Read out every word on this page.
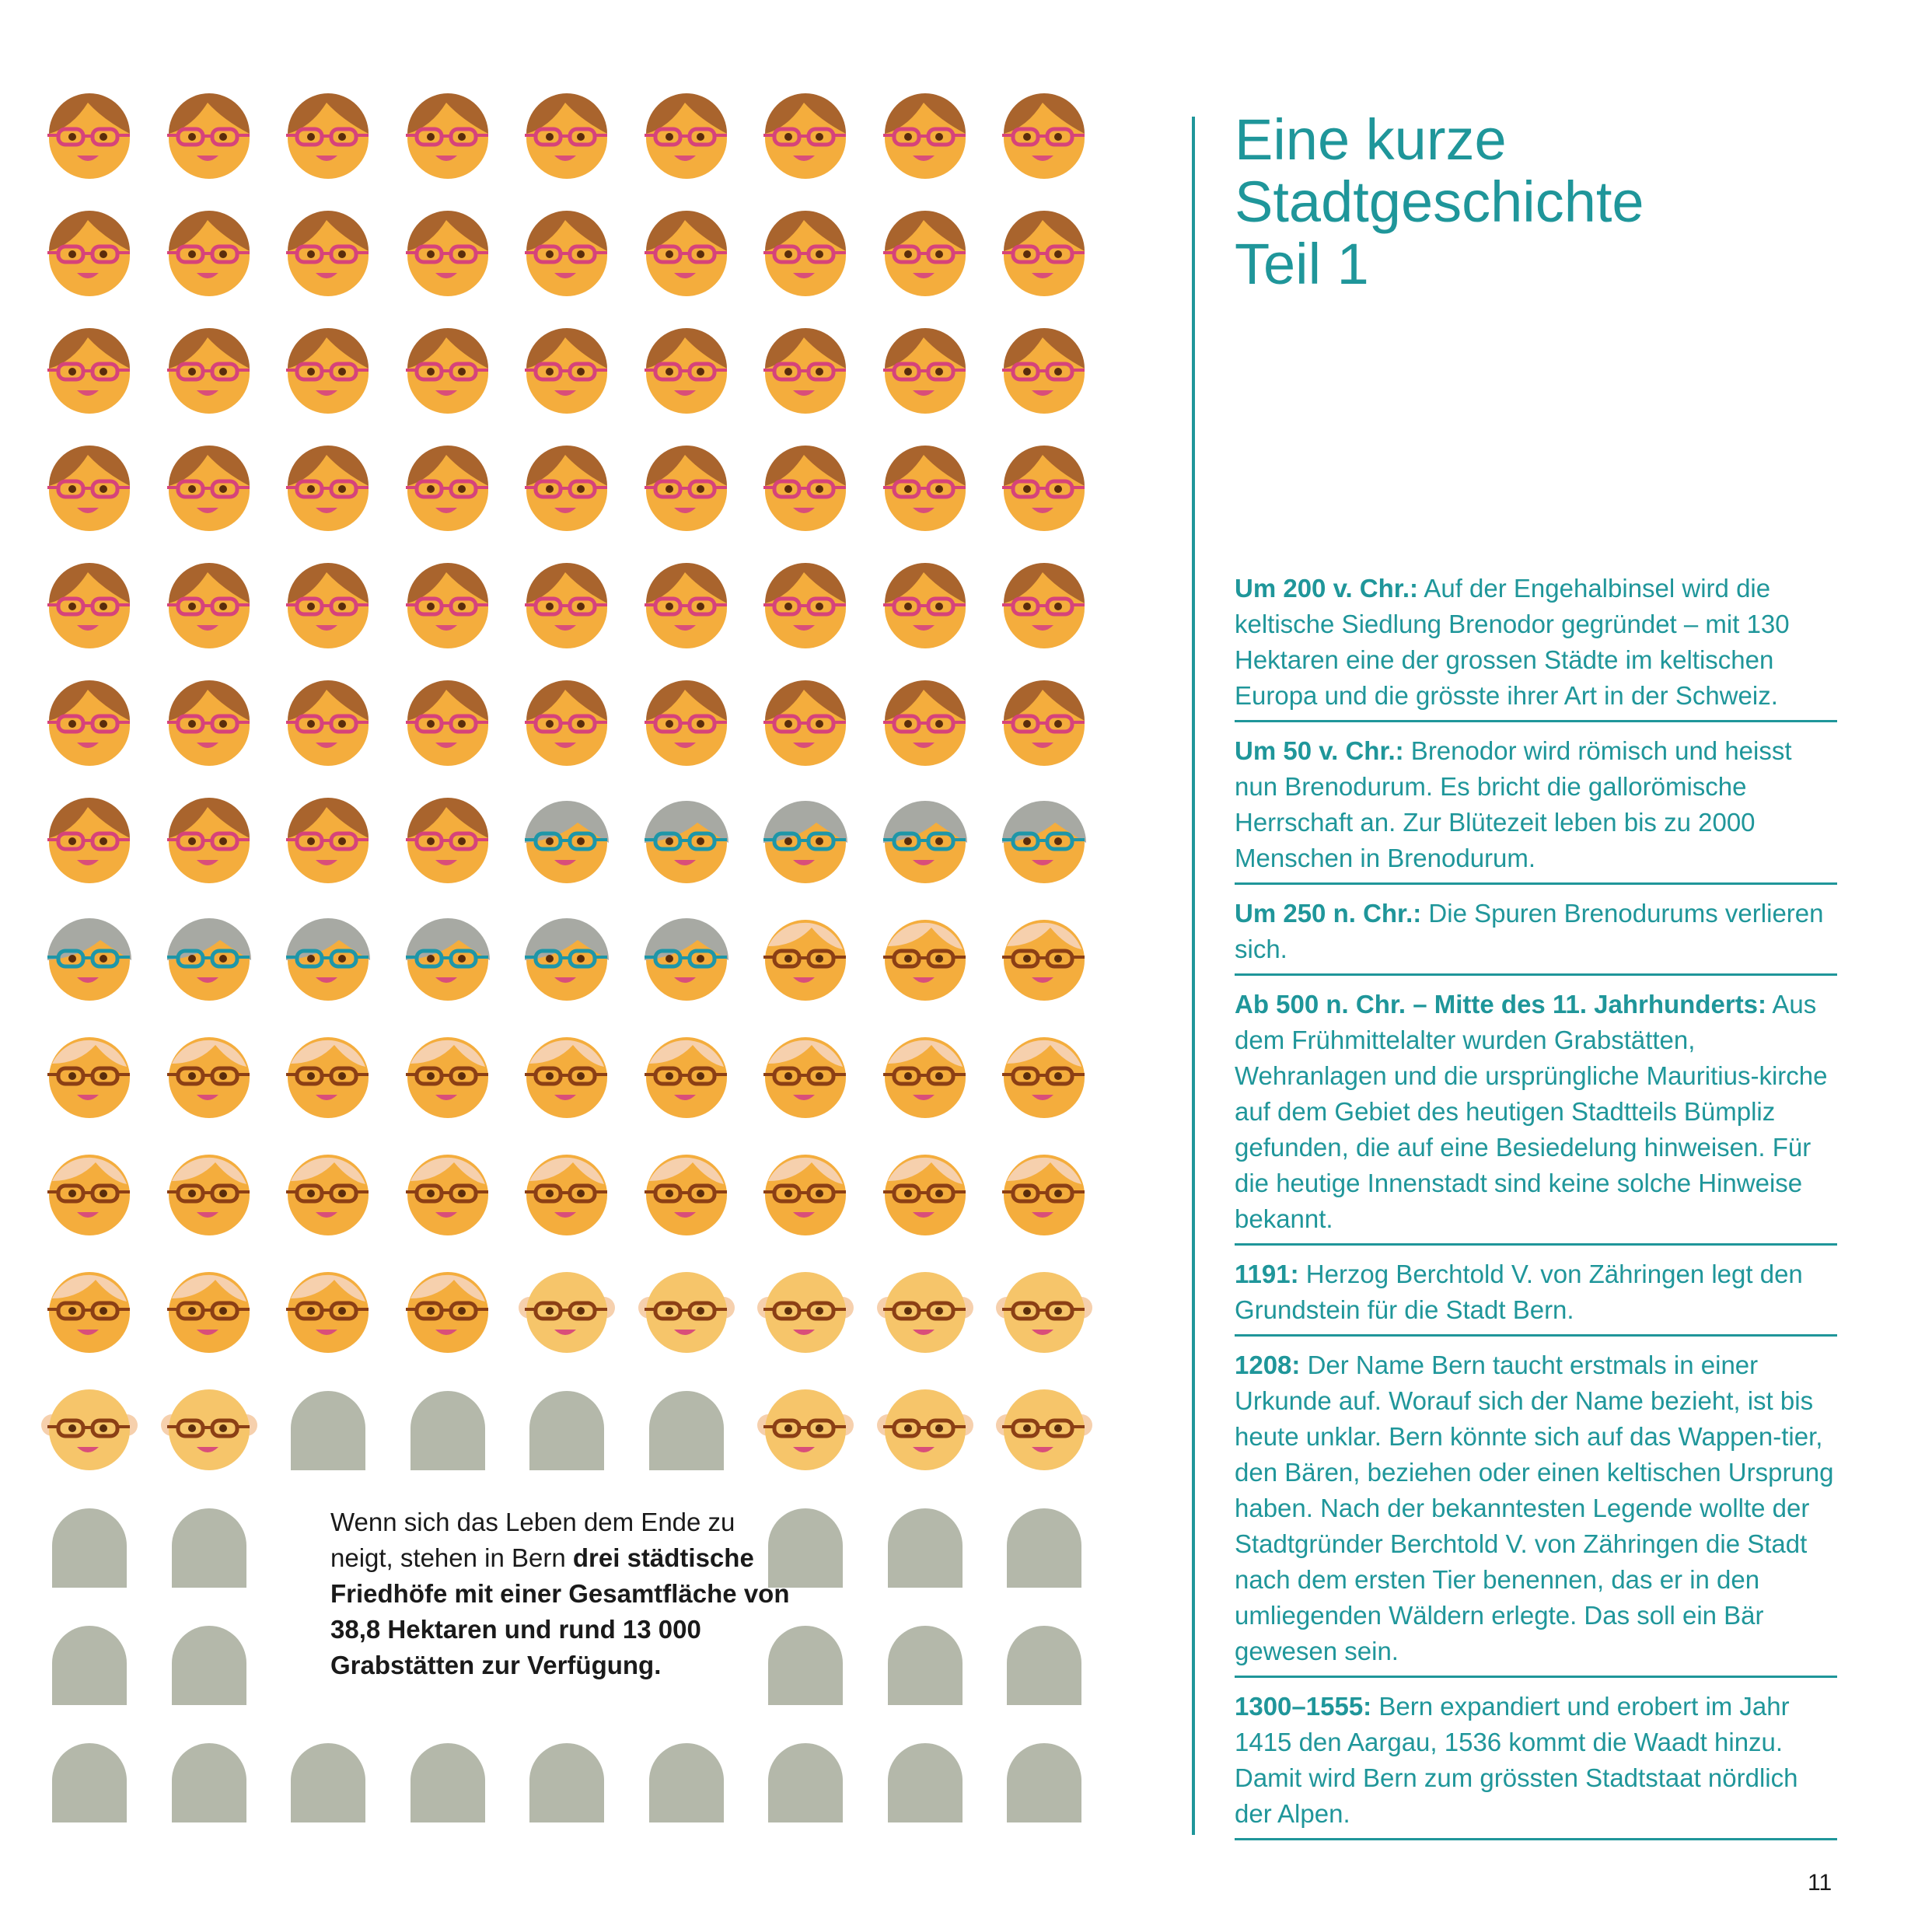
Wenn sich das Leben dem Ende zu neigt, stehen in Bern drei städtische Friedhöfe mit einer Gesamtfläche von 38,8 Hektaren und rund 13 000 Grabstätten zur Verfügung.
Eine kurze
Stadtgeschichte
Teil 1
Um 200 v. Chr.: Auf der Engehalbinsel wird die keltische Siedlung Brenodor gegründet – mit 130 Hektaren eine der grossen Städte im keltischen Europa und die grösste ihrer Art in der Schweiz.
Um 50 v. Chr.: Brenodor wird römisch und heisst nun Brenodurum. Es bricht die gallorömische Herrschaft an. Zur Blütezeit leben bis zu 2000 Menschen in Brenodurum.
Um 250 n. Chr.: Die Spuren Brenodurums verlieren sich.
Ab 500 n. Chr. – Mitte des 11. Jahrhunderts: Aus dem Frühmittelalter wurden Grabstätten, Wehranlagen und die ursprüngliche Mauritius-kirche auf dem Gebiet des heutigen Stadtteils Bümpliz gefunden, die auf eine Besiedelung hinweisen. Für die heutige Innenstadt sind keine solche Hinweise bekannt.
1191: Herzog Berchtold V. von Zähringen legt den Grundstein für die Stadt Bern.
1208: Der Name Bern taucht erstmals in einer Urkunde auf. Worauf sich der Name bezieht, ist bis heute unklar. Bern könnte sich auf das Wappen-tier, den Bären, beziehen oder einen keltischen Ursprung haben. Nach der bekanntesten Legende wollte der Stadtgründer Berchtold V. von Zähringen die Stadt nach dem ersten Tier benennen, das er in den umliegenden Wäldern erlegte. Das soll ein Bär gewesen sein.
1300–1555: Bern expandiert und erobert im Jahr 1415 den Aargau, 1536 kommt die Waadt hinzu. Damit wird Bern zum grössten Stadtstaat nördlich der Alpen.
11
